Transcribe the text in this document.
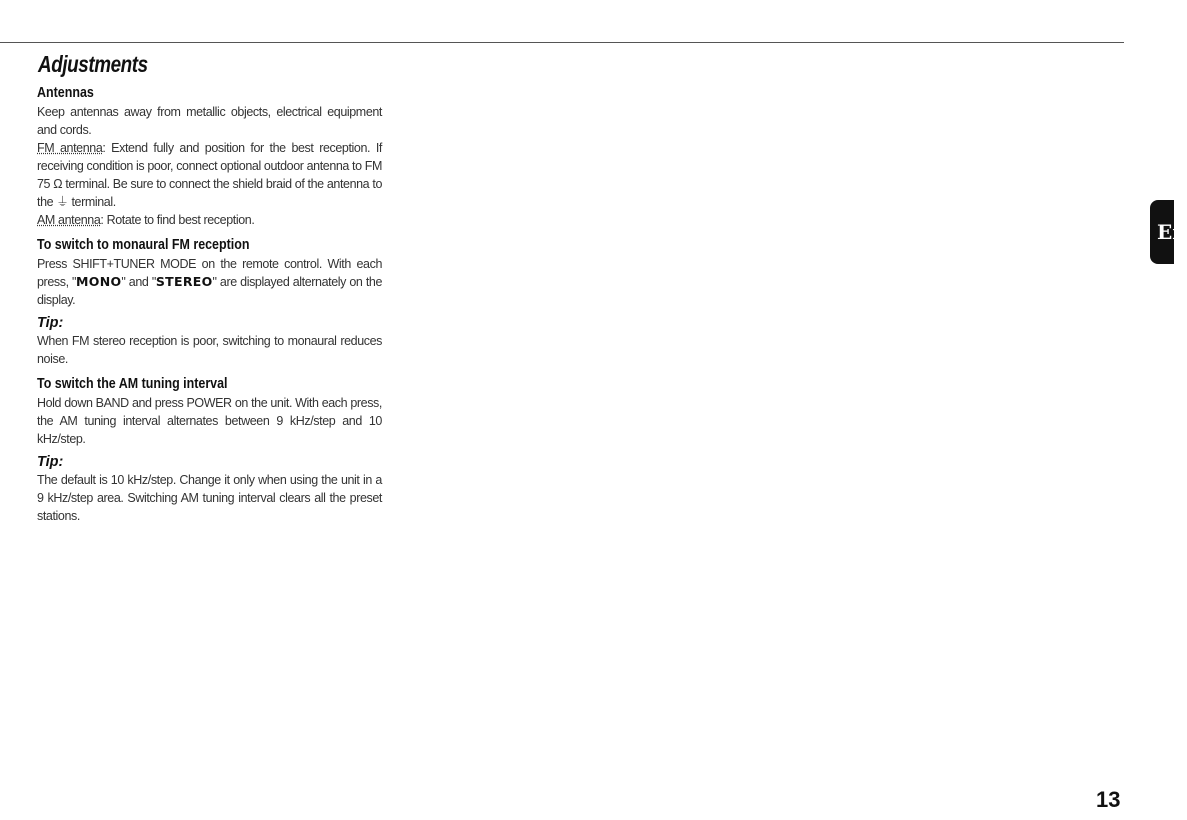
Adjustments
Antennas

Keep antennas away from metallic objects, electrical equipment and cords.

FM antenna: Extend fully and position for the best reception. If receiving condition is poor, connect optional outdoor antenna to FM 75 Ω terminal. Be sure to connect the shield braid of the antenna to the ⏚ terminal.

AM antenna: Rotate to find best reception.

To switch to monaural FM reception

Press SHIFT+TUNER MODE on the remote control. With each press, "MONO" and "STEREO" are displayed alternately on the display.

Tip:

When FM stereo reception is poor, switching to monaural reduces noise.

To switch the AM tuning interval

Hold down BAND and press POWER on the unit. With each press, the AM tuning interval alternates between 9 kHz/step and 10 kHz/step.

Tip:

The default is 10 kHz/step. Change it only when using the unit in a 9 kHz/step area. Switching AM tuning interval clears all the preset stations.

En
13
